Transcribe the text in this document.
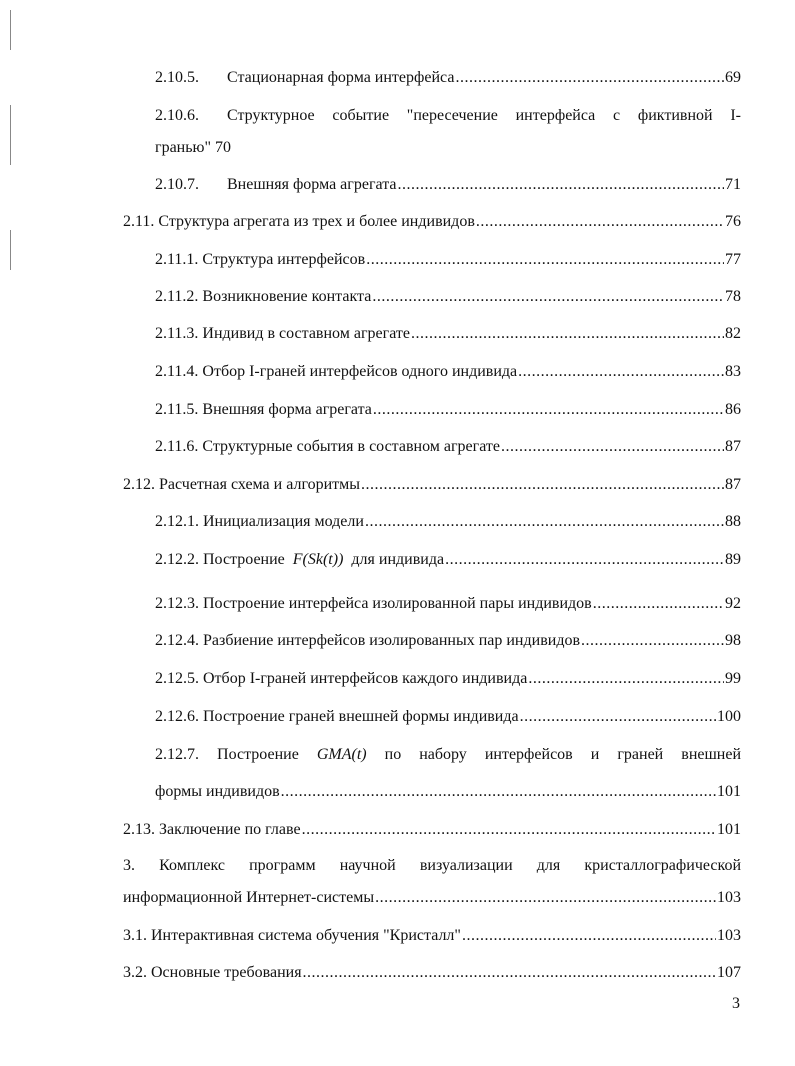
2.10.5. Стационарная форма интерфейса .....	69
2.10.6.	Структурное событие "пересечение интерфейса с фиктивной I-
гранью" 70
2.10.7. Внешняя форма агрегата .....	71
2.11. Структура агрегата из трех и более индивидов .....	76
2.11.1. Структура интерфейсов .....	77
2.11.2. Возникновение контакта .....	78
2.11.3. Индивид в составном агрегате .....	82
2.11.4. Отбор I-граней интерфейсов одного индивида .....	83
2.11.5. Внешняя форма агрегата .....	86
2.11.6. Структурные события в составном агрегате .....	87
2.12. Расчетная схема и алгоритмы .....	87
2.12.1. Инициализация модели .....	88
2.12.2. Построение F(Sk(t)) для индивида .....	89
2.12.3. Построение интерфейса изолированной пары индивидов .....	92
2.12.4. Разбиение интерфейсов изолированных пар индивидов .....	98
2.12.5. Отбор I-граней интерфейсов каждого индивида .....	99
2.12.6. Построение граней внешней формы индивида .....	100
2.12.7. Построение GMA(t) по набору интерфейсов и граней внешней
формы индивидов .....	101
2.13. Заключение по главе .....	101
3. Комплекс программ научной визуализации для кристаллографической
информационной Интернет-системы .....	103
3.1. Интерактивная система обучения "Кристалл" .....	103
3.2. Основные требования .....	107
3
